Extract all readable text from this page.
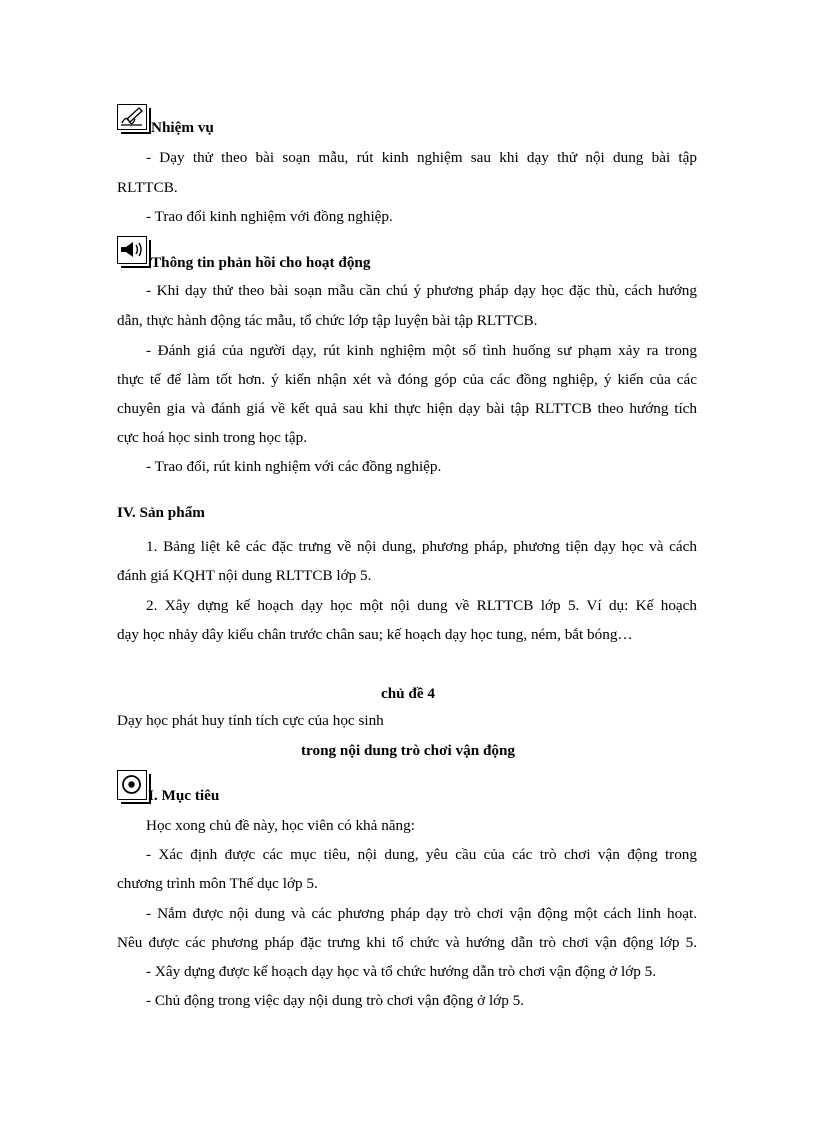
Nhiệm vụ
- Dạy thử theo bài soạn mẫu, rút kinh nghiệm sau khi dạy thử nội dung bài tập
RLTTCB.
- Trao đổi kinh nghiệm với đồng nghiệp.
Thông tin phản hồi cho hoạt động
- Khi dạy thử theo bài soạn mẫu cần chú ý phương pháp dạy học đặc thù, cách hướng
dẫn, thực hành động tác mẫu, tổ chức lớp tập luyện bài tập RLTTCB.
- Đánh giá của người dạy, rút kinh nghiệm một số tình huống sư phạm xảy ra trong
thực tế để làm tốt hơn. ý kiến nhận xét và đóng góp của các đồng nghiệp, ý kiến của các
chuyên gia và đánh giá về kết quả sau khi thực hiện dạy bài tập RLTTCB theo hướng tích
cực hoá học sinh trong học tập.
- Trao đổi, rút kinh nghiệm với các đồng nghiệp.
IV. Sản phẩm
1. Bảng liệt kê các đặc trưng về nội dung, phương pháp, phương tiện dạy học và cách
đánh giá KQHT nội dung RLTTCB lớp 5.
2. Xây dựng kế hoạch dạy học một nội dung về RLTTCB lớp 5. Ví dụ: Kế hoạch
dạy học nhảy dây kiểu chân trước chân sau; kế hoạch dạy học tung, ném, bắt bóng…
chủ đề 4
Dạy học phát huy tính tích cực của học sinh
trong nội dung trò chơi vận động
I. Mục tiêu
Học xong chủ đề này, học viên có khả năng:
- Xác định được các mục tiêu, nội dung, yêu cầu của các trò chơi vận động trong
chương trình môn Thể dục lớp 5.
- Nắm được nội dung và các phương pháp dạy trò chơi vận động một cách linh hoạt.
Nêu được các phương pháp đặc trưng khi tổ chức và hướng dẫn trò chơi vận động lớp 5.
- Xây dựng được kế hoạch dạy học và tổ chức hướng dẫn trò chơi vận động ở lớp 5.
- Chủ động trong việc dạy nội dung trò chơi vận động ở lớp 5.
